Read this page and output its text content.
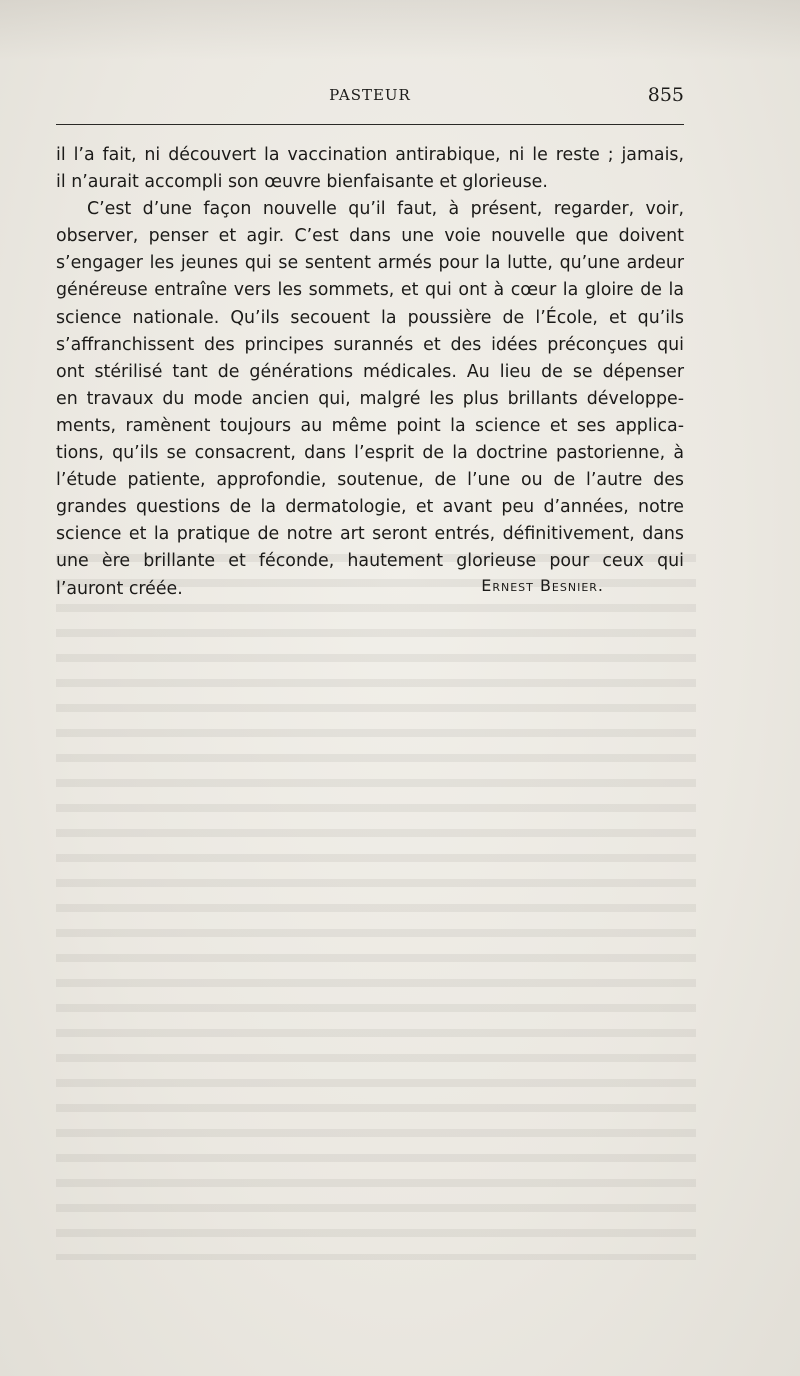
PASTEUR	855
il l’a fait, ni découvert la vaccination antirabique, ni le reste ; jamais,
il n’aurait accompli son œuvre bienfaisante et glorieuse.
C’est d’une façon nouvelle qu’il faut, à présent, regarder, voir,
observer, penser et agir. C’est dans une voie nouvelle que doivent
s’engager les jeunes qui se sentent armés pour la lutte, qu’une ardeur
généreuse entraîne vers les sommets, et qui ont à cœur la gloire de la
science nationale. Qu’ils secouent la poussière de l’École, et qu’ils
s’affranchissent des principes surannés et des idées préconçues qui
ont stérilisé tant de générations médicales. Au lieu de se dépenser
en travaux du mode ancien qui, malgré les plus brillants développe-
ments, ramènent toujours au même point la science et ses applica-
tions, qu’ils se consacrent, dans l’esprit de la doctrine pastorienne, à
l’étude patiente, approfondie, soutenue, de l’une ou de l’autre des
grandes questions de la dermatologie, et avant peu d’années, notre
science et la pratique de notre art seront entrés, définitivement, dans
une ère brillante et féconde, hautement glorieuse pour ceux qui
l’auront créée.	Ernest Besnier.
